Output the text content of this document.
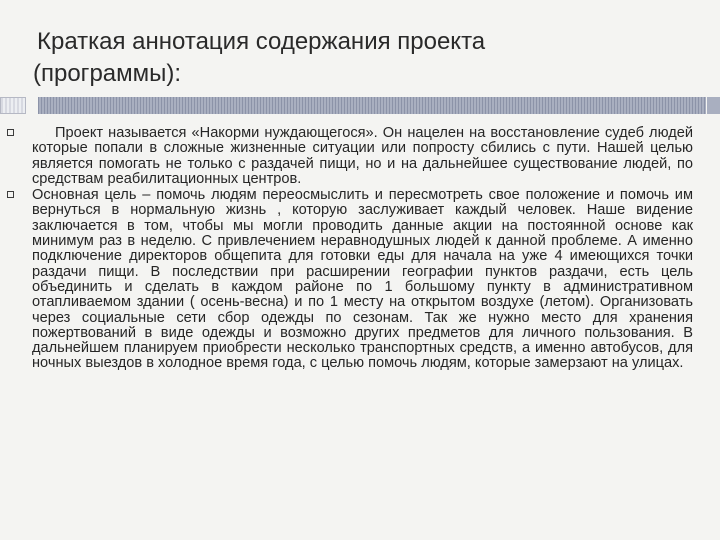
Краткая аннотация содержания проекта
(программы):

Проект называется «Накорми нуждающегося». Он нацелен на восстановление судеб людей которые попали в сложные жизненные ситуации или попросту сбились с пути. Нашей целью является помогать не только с раздачей пищи, но и на дальнейшее существование людей, по средствам реабилитационных центров.

Основная цель – помочь людям переосмыслить и пересмотреть свое положение и помочь им вернуться в нормальную жизнь , которую заслуживает каждый человек. Наше видение заключается в том, чтобы мы могли проводить данные акции на постоянной основе как минимум раз в неделю. С привлечением неравнодушных людей к данной проблеме. А именно подключение директоров общепита для готовки еды для начала на уже 4 имеющихся точки раздачи пищи. В последствии при расширении географии пунктов раздачи, есть цель объединить и сделать в каждом районе по 1 большому пункту в административном отапливаемом здании ( осень-весна) и по 1 месту на открытом воздухе (летом). Организовать через социальные сети сбор одежды по сезонам. Так же нужно место для хранения пожертвований в виде одежды и возможно других предметов для личного пользования. В дальнейшем планируем приобрести несколько транспортных средств, а именно автобусов, для ночных выездов в холодное время года, с целью помочь людям, которые замерзают на улицах.
